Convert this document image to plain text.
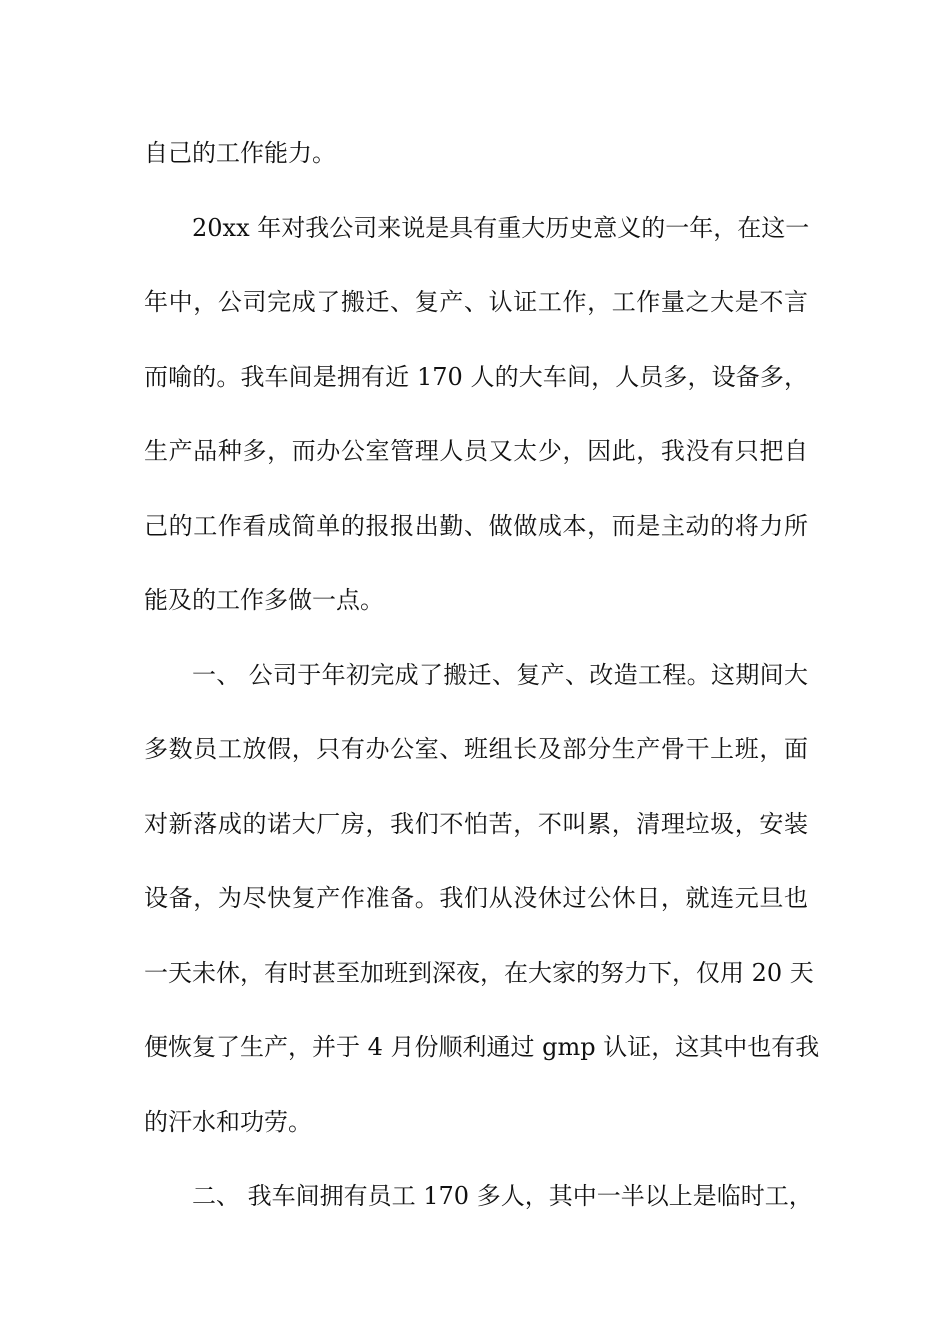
自己的工作能力。
20xx 年对我公司来说是具有重大历史意义的一年，在这一
年中，公司完成了搬迁、复产、认证工作，工作量之大是不言
而喻的。我车间是拥有近 170 人的大车间，人员多，设备多，
生产品种多，而办公室管理人员又太少，因此，我没有只把自
己的工作看成简单的报报出勤、做做成本，而是主动的将力所
能及的工作多做一点。
一、 公司于年初完成了搬迁、复产、改造工程。这期间大
多数员工放假，只有办公室、班组长及部分生产骨干上班，面
对新落成的诺大厂房，我们不怕苦，不叫累，清理垃圾，安装
设备，为尽快复产作准备。我们从没休过公休日，就连元旦也
一天未休，有时甚至加班到深夜，在大家的努力下，仅用 20 天
便恢复了生产，并于 4 月份顺利通过 gmp 认证，这其中也有我
的汗水和功劳。
二、 我车间拥有员工 170 多人，其中一半以上是临时工，
